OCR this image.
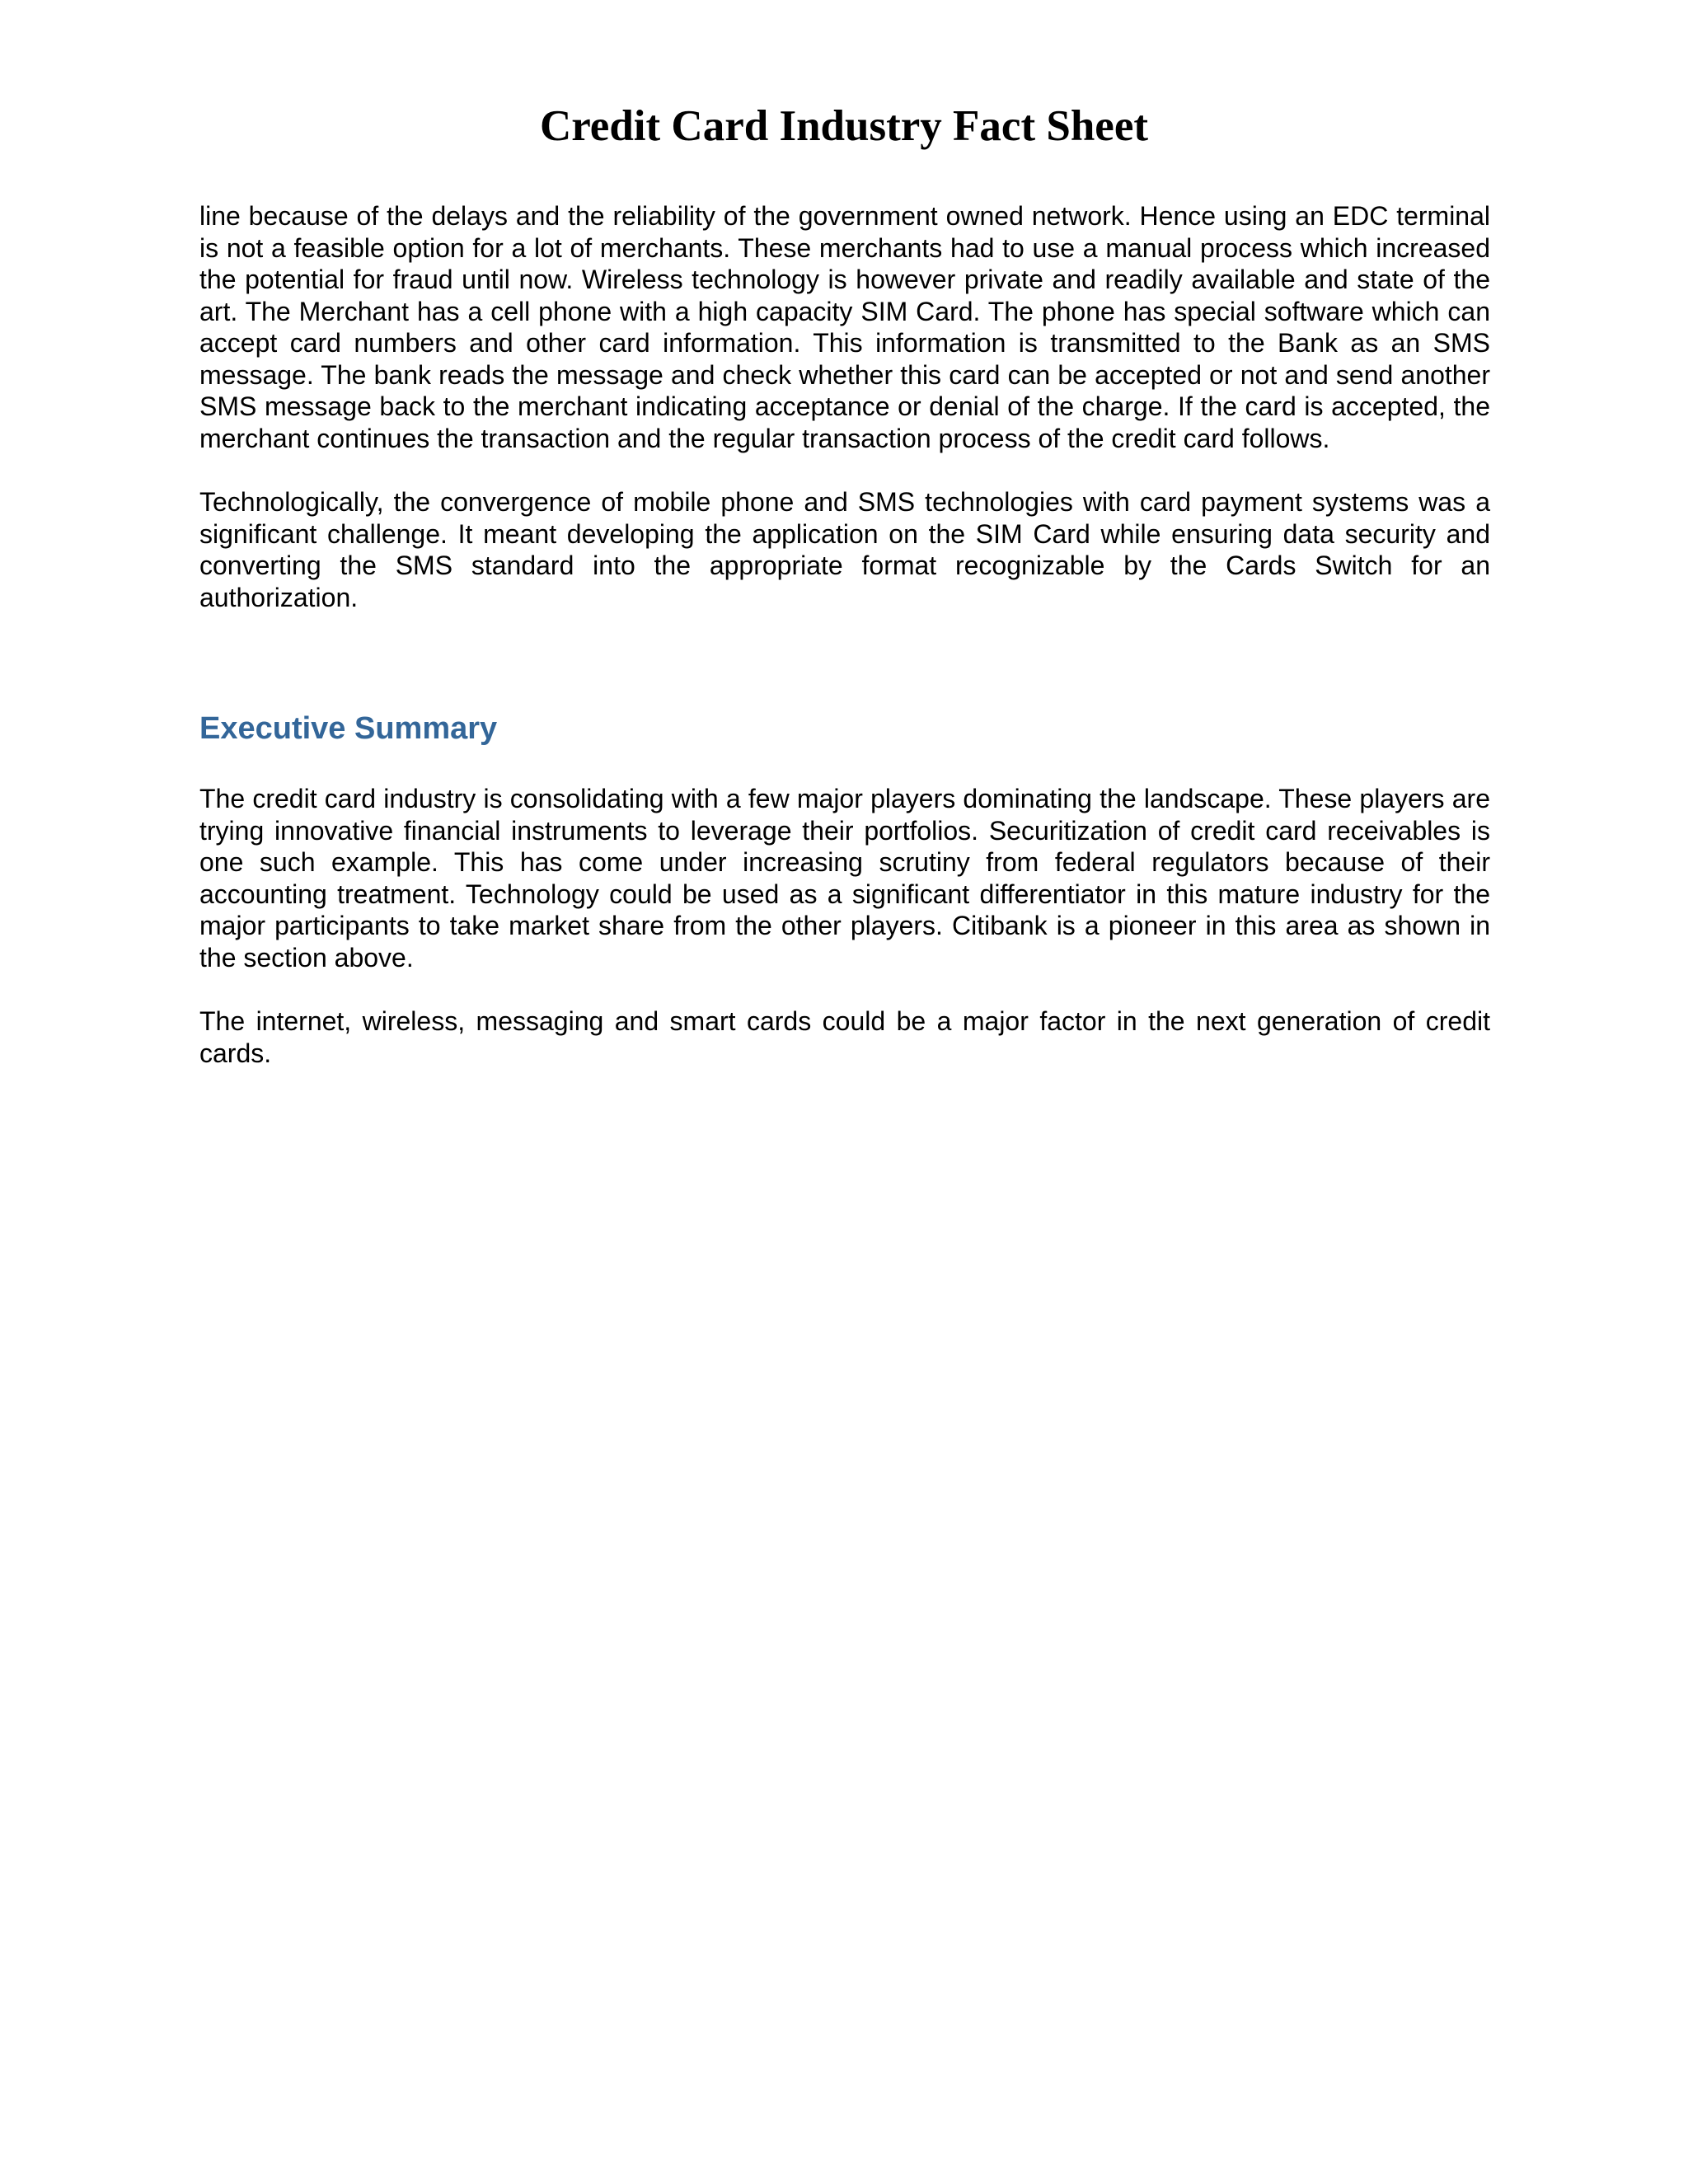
Credit Card Industry Fact Sheet

line because of the delays and the reliability of the government owned network. Hence using an EDC terminal is not a feasible option for a lot of merchants. These merchants had to use a manual process which increased the potential for fraud until now. Wireless technology is however private and readily available and state of the art. The Merchant has a cell phone with a high capacity SIM Card. The phone has special software which can accept card numbers and other card information. This information is transmitted to the Bank as an SMS message. The bank reads the message and check whether this card can be accepted or not and send another SMS message back to the merchant indicating acceptance or denial of the charge. If the card is accepted, the merchant continues the transaction and the regular transaction process of the credit card follows.

Technologically, the convergence of mobile phone and SMS technologies with card payment systems was a significant challenge. It meant developing the application on the SIM Card while ensuring data security and converting the SMS standard into the appropriate format recognizable by the Cards Switch for an authorization.

Executive Summary

The credit card industry is consolidating with a few major players dominating the landscape. These players are trying innovative financial instruments to leverage their portfolios. Securitization of credit card receivables is one such example. This has come under increasing scrutiny from federal regulators because of their accounting treatment. Technology could be used as a significant differentiator in this mature industry for the major participants to take market share from the other players. Citibank is a pioneer in this area as shown in the section above.

The internet, wireless, messaging and smart cards could be a major factor in the next generation of credit cards.
